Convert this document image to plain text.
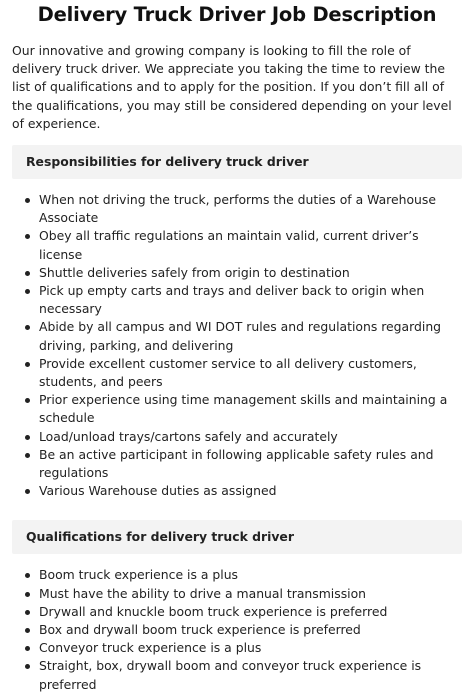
Delivery Truck Driver Job Description

Our innovative and growing company is looking to fill the role of delivery truck driver. We appreciate you taking the time to review the list of qualifications and to apply for the position. If you don’t fill all of the qualifications, you may still be considered depending on your level of experience.

Responsibilities for delivery truck driver
When not driving the truck, performs the duties of a Warehouse Associate
Obey all traffic regulations an maintain valid, current driver’s license
Shuttle deliveries safely from origin to destination
Pick up empty carts and trays and deliver back to origin when necessary
Abide by all campus and WI DOT rules and regulations regarding driving, parking, and delivering
Provide excellent customer service to all delivery customers, students, and peers
Prior experience using time management skills and maintaining a schedule
Load/unload trays/cartons safely and accurately
Be an active participant in following applicable safety rules and regulations
Various Warehouse duties as assigned
Qualifications for delivery truck driver
Boom truck experience is a plus
Must have the ability to drive a manual transmission
Drywall and knuckle boom truck experience is preferred
Box and drywall boom truck experience is preferred
Conveyor truck experience is a plus
Straight, box, drywall boom and conveyor truck experience is preferred
